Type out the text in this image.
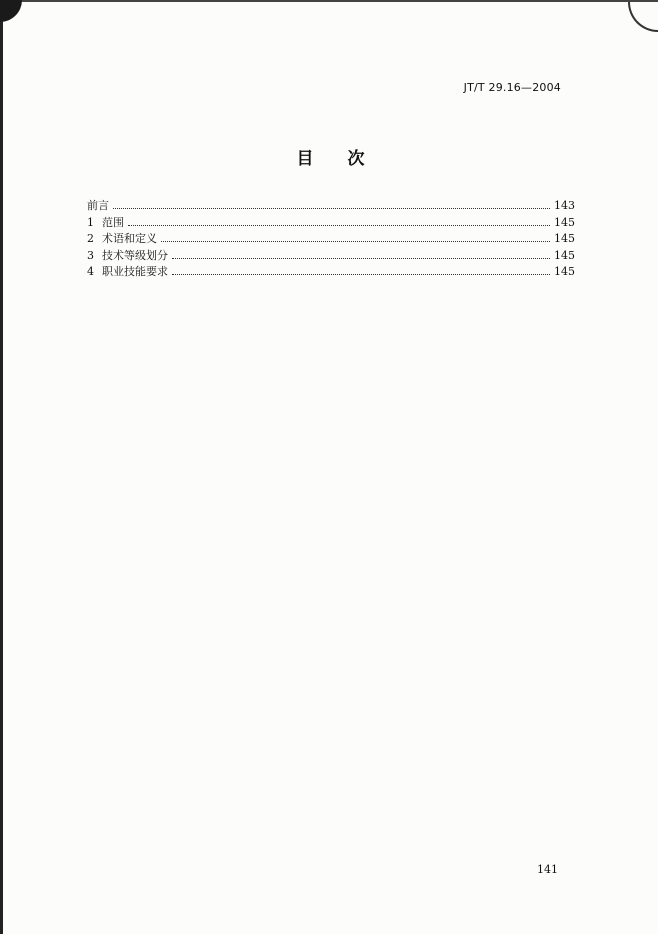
JT/T 29.16—2004
目 次
前言	143
1 范围	145
2 术语和定义	145
3 技术等级划分	145
4 职业技能要求	145
141
